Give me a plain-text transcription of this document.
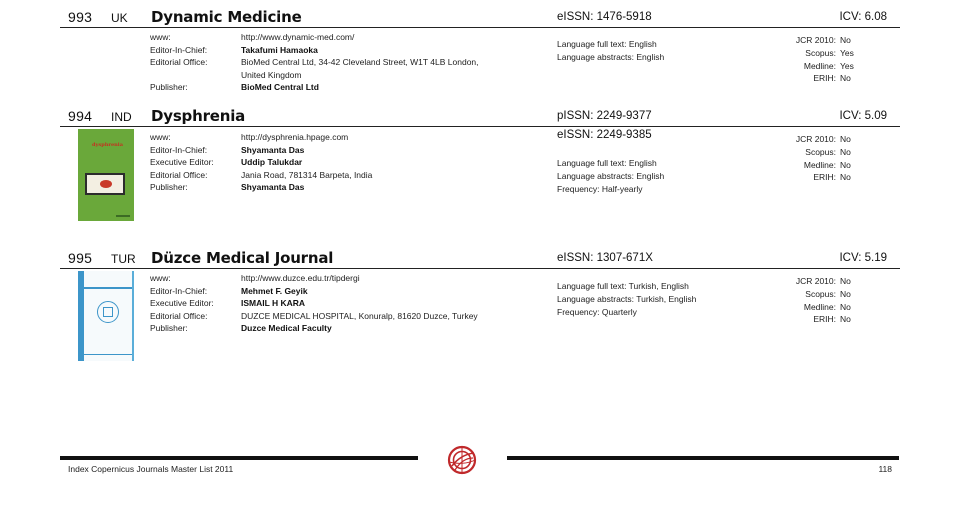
993 UK Dynamic Medicine	eISSN: 1476-5918	ICV: 6.08
www:	http://www.dynamic-med.com/
Editor-In-Chief:	Takafumi Hamaoka
Editorial Office:	BioMed Central Ltd, 34-42 Cleveland Street, W1T 4LB London,
United Kingdom
Publisher:	BioMed Central Ltd
Language full text: English
Language abstracts: English
JCR 2010: No
Scopus: Yes
Medline: Yes
ERIH: No
994 IND Dysphrenia	pISSN: 2249-9377	ICV: 5.09
dysphrenia
www:	http://dysphrenia.hpage.com
Editor-In-Chief:	Shyamanta Das
Executive Editor:	Uddip Talukdar
Editorial Office:	Jania Road, 781314 Barpeta, India
Publisher:	Shyamanta Das
eISSN: 2249-9385
Language full text: English
Language abstracts: English
Frequency: Half-yearly
JCR 2010: No
Scopus: No
Medline: No
ERIH: No
995 TUR Düzce Medical Journal	eISSN: 1307-671X	ICV: 5.19
www:	http://www.duzce.edu.tr/tipdergi
Editor-In-Chief:	Mehmet F. Geyik
Executive Editor:	ISMAIL H KARA
Editorial Office:	DUZCE MEDICAL HOSPITAL, Konuralp, 81620 Duzce, Turkey
Publisher:	Duzce Medical Faculty
Language full text: Turkish, English
Language abstracts: Turkish, English
Frequency: Quarterly
JCR 2010: No
Scopus: No
Medline: No
ERIH: No
Index Copernicus Journals Master List 2011	118
